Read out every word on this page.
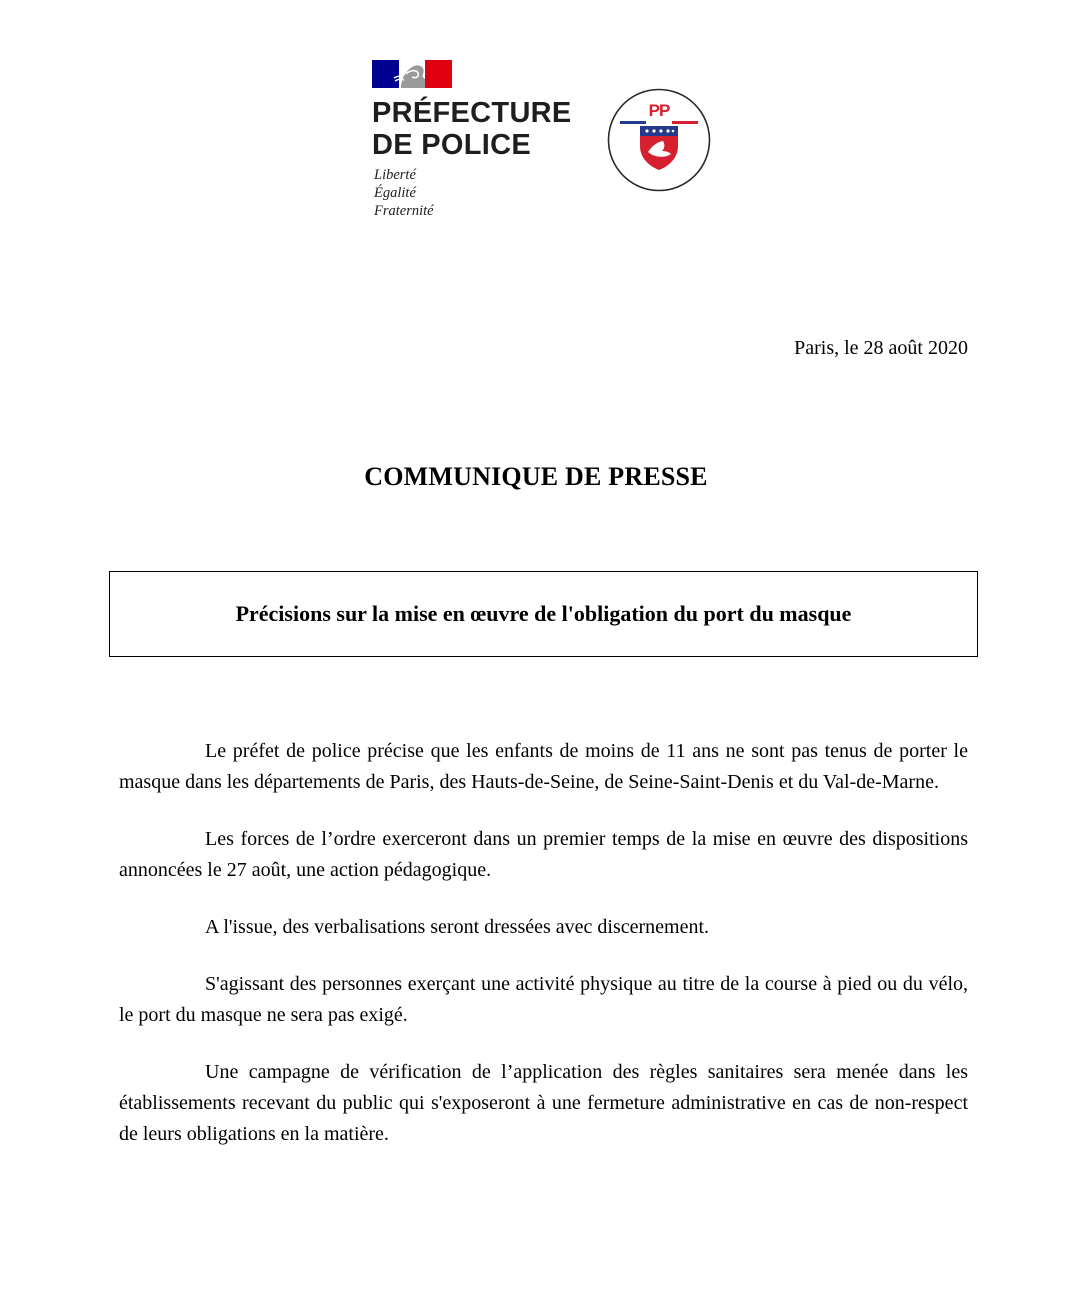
PRÉFECTURE
DE POLICE
Liberté
Égalité
Fraternité
PP
Paris, le 28 août 2020
COMMUNIQUE DE PRESSE
Précisions sur la mise en œuvre de l'obligation du port du masque

Le préfet de police précise que les enfants de moins de 11 ans ne sont pas tenus de porter le masque dans les départements de Paris, des Hauts-de-Seine, de Seine-Saint-Denis et du Val-de-Marne.

Les forces de l’ordre exerceront dans un premier temps de la mise en œuvre des dispositions annoncées le 27 août, une action pédagogique.

A l'issue, des verbalisations seront dressées avec discernement.

S'agissant des personnes exerçant une activité physique au titre de la course à pied ou du vélo, le port du masque ne sera pas exigé.

Une campagne de vérification de l’application des règles sanitaires sera menée dans les établissements recevant du public qui s'exposeront à une fermeture administrative en cas de non-respect de leurs obligations en la matière.
